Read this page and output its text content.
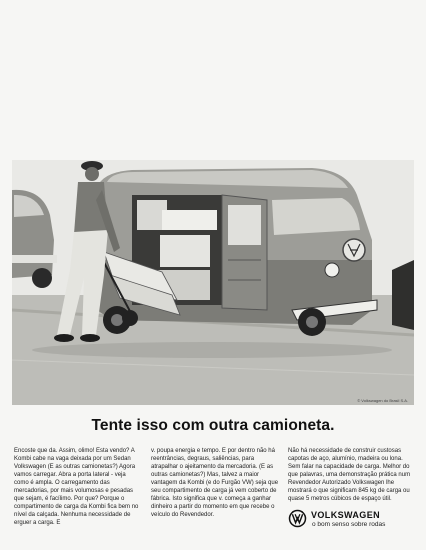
© Volkswagen do Brasil S.A.
Tente isso com outra camioneta.

Encoste que da. Assim, olimo! Esta vendo? A Kombi cabe na vaga deixada por um Sedan Volkswagen (E as outras camionetas?) Agora vamos carregar. Abra a porta lateral - veja como é ampla. O carregamento das mercadorias, por mais volumosas e pesadas que sejam, é facílimo. Por que? Porque o compartimento de carga da Kombi fica bem no nível da calçada. Nenhuma necessidade de erguer a carga. E

v. poupa energia e tempo. E por dentro não há reentrâncias, degraus, saliências, para atrapalhar o ajeitamento da mercadoria. (E as outras camionetas?) Mas, talvez a maior vantagem da Kombi (e do Furgão VW) seja que seu compartimento de carga já vem coberto de fábrica. Isto significa que v. começa a ganhar dinheiro a partir do momento em que recebe o veículo do Revendedor.

Não há necessidade de construir custosas capotas de aço, alumínio, madeira ou lona. Sem falar na capacidade de carga. Melhor do que palavras, uma demonstração prática num Revendedor Autorizado Volkswagen lhe mostrará o que significam 845 kg de carga ou quase 5 metros cúbicos de espaço útil.

VOLKSWAGEN
o bom senso sobre rodas
